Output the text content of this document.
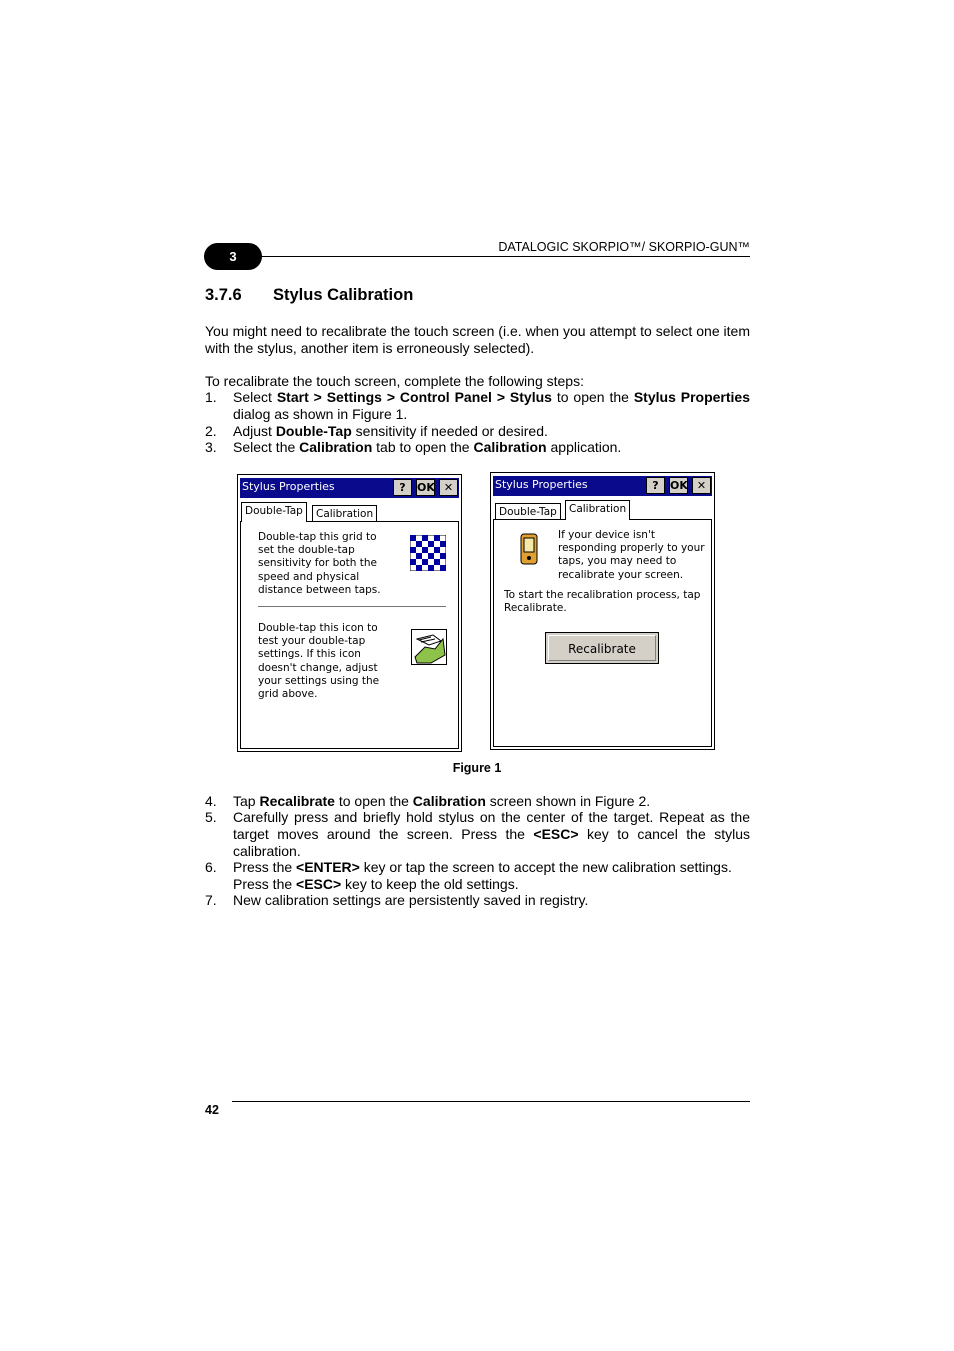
3
DATALOGIC SKORPIO™/ SKORPIO-GUN™
3.7.6 Stylus Calibration
You might need to recalibrate the touch screen (i.e. when you attempt to select one item with the stylus, another item is erroneously selected).
To recalibrate the touch screen, complete the following steps:
1. Select Start > Settings > Control Panel > Stylus to open the Stylus Properties dialog as shown in Figure 1.
2. Adjust Double-Tap sensitivity if needed or desired.
3. Select the Calibration tab to open the Calibration application.
Stylus Properties	?	OK ✕
Double-Tap	Calibration
Double-tap this grid to
set the double-tap
sensitivity for both the
speed and physical
distance between taps.
Double-tap this icon to
test your double-tap
settings. If this icon
doesn't change, adjust
your settings using the
grid above.
Stylus Properties	?	OK ✕
Double-Tap	Calibration
If your device isn't
responding properly to your
taps, you may need to
recalibrate your screen.
To start the recalibration process, tap
Recalibrate.
Recalibrate
Figure 1
4. Tap Recalibrate to open the Calibration screen shown in Figure 2.
5. Carefully press and briefly hold stylus on the center of the target. Repeat as the target moves around the screen. Press the <ESC> key to cancel the stylus calibration.
6. Press the <ENTER> key or tap the screen to accept the new calibration settings. Press the <ESC> key to keep the old settings.
7. New calibration settings are persistently saved in registry.
42
